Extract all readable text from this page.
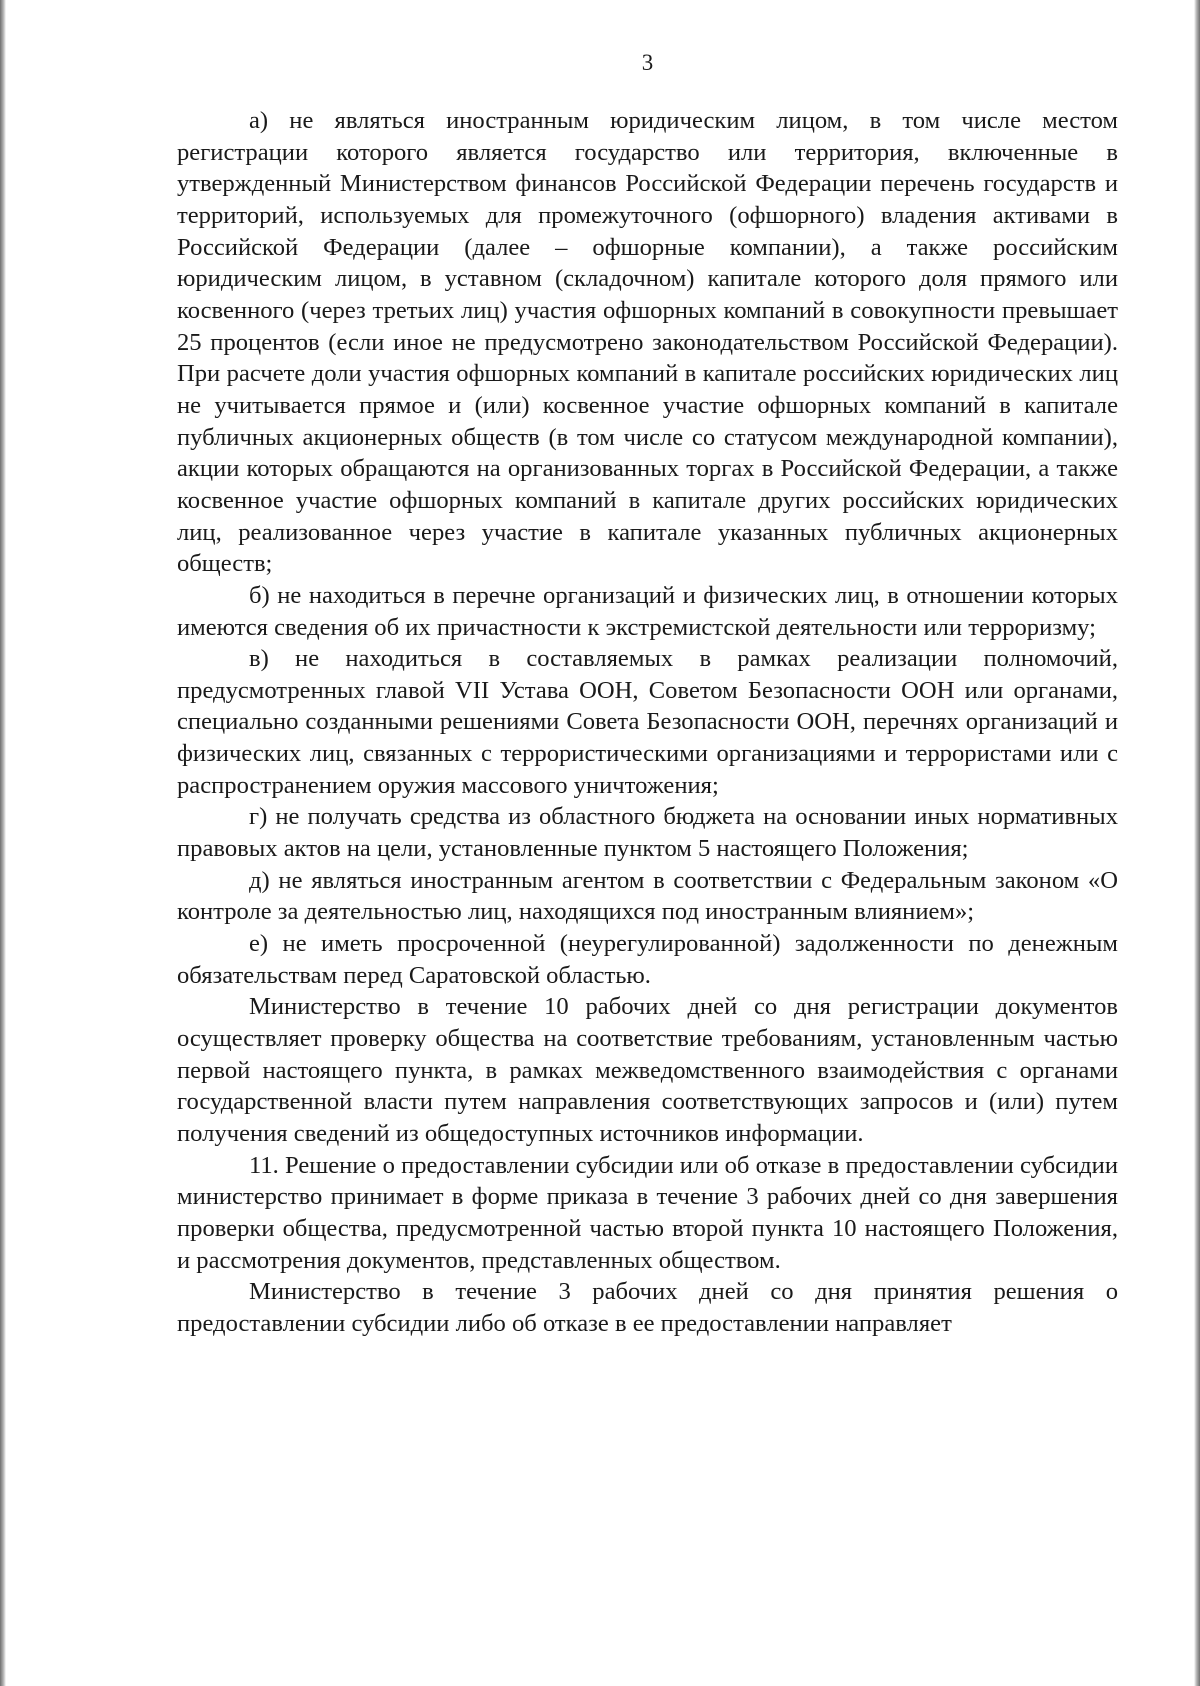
3

а) не являться иностранным юридическим лицом, в том числе местом регистрации которого является государство или территория, включенные в утвержденный Министерством финансов Российской Федерации перечень государств и территорий, используемых для промежуточного (офшорного) владения активами в Российской Федерации (далее – офшорные компании), а также российским юридическим лицом, в уставном (складочном) капитале которого доля прямого или косвенного (через третьих лиц) участия офшорных компаний в совокупности превышает 25 процентов (если иное не предусмотрено законодательством Российской Федерации). При расчете доли участия офшорных компаний в капитале российских юридических лиц не учитывается прямое и (или) косвенное участие офшорных компаний в капитале публичных акционерных обществ (в том числе со статусом международной компании), акции которых обращаются на организованных торгах в Российской Федерации, а также косвенное участие офшорных компаний в капитале других российских юридических лиц, реализованное через участие в капитале указанных публичных акционерных обществ;

б) не находиться в перечне организаций и физических лиц, в отношении которых имеются сведения об их причастности к экстремистской деятельности или терроризму;

в) не находиться в составляемых в рамках реализации полномочий, предусмотренных главой VII Устава ООН, Советом Безопасности ООН или органами, специально созданными решениями Совета Безопасности ООН, перечнях организаций и физических лиц, связанных с террористическими организациями и террористами или с распространением оружия массового уничтожения;

г) не получать средства из областного бюджета на основании иных нормативных правовых актов на цели, установленные пунктом 5 настоящего Положения;

д) не являться иностранным агентом в соответствии с Федеральным законом «О контроле за деятельностью лиц, находящихся под иностранным влиянием»;

е) не иметь просроченной (неурегулированной) задолженности по денежным обязательствам перед Саратовской областью.

Министерство в течение 10 рабочих дней со дня регистрации документов осуществляет проверку общества на соответствие требованиям, установленным частью первой настоящего пункта, в рамках межведомственного взаимодействия с органами государственной власти путем направления соответствующих запросов и (или) путем получения сведений из общедоступных источников информации.

11. Решение о предоставлении субсидии или об отказе в предоставлении субсидии министерство принимает в форме приказа в течение 3 рабочих дней со дня завершения проверки общества, предусмотренной частью второй пункта 10 настоящего Положения, и рассмотрения документов, представленных обществом.

Министерство в течение 3 рабочих дней со дня принятия решения о предоставлении субсидии либо об отказе в ее предоставлении направляет
